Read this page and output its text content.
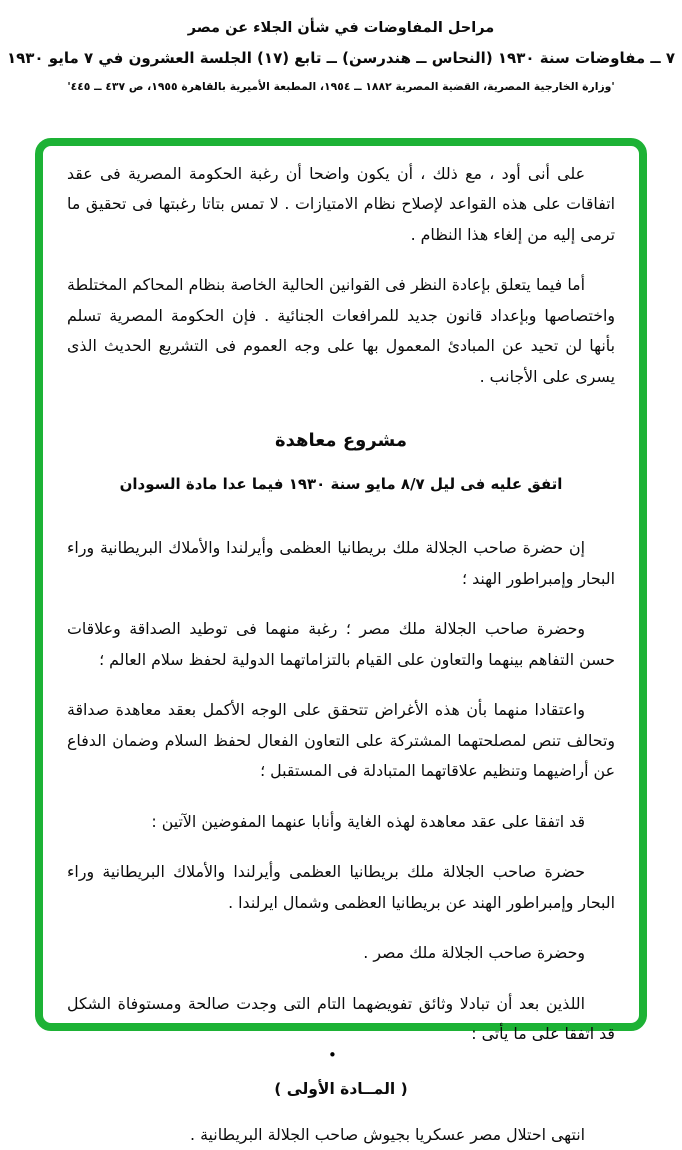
مراحل المفاوضات في شأن الجلاء عن مصر
٧ ــ مفاوضات سنة ١٩٣٠ (النحاس ــ هندرسن) ــ تابع (١٧) الجلسة العشرون في ٧ مايو ١٩٣٠
'وزارة الخارجية المصرية، القضية المصرية ١٨٨٢ ــ ١٩٥٤، المطبعة الأميرية بالقاهرة ١٩٥٥، ص ٤٣٧ ــ ٤٤٥'

على أنى أود ، مع ذلك ، أن يكون واضحا أن رغبة الحكومة المصرية فى عقد اتفاقات على هذه القواعد لإصلاح نظام الامتيازات . لا تمس بتاتا رغبتها فى تحقيق ما ترمى إليه من إلغاء هذا النظام .

أما فيما يتعلق بإعادة النظر فى القوانين الحالية الخاصة بنظام المحاكم المختلطة واختصاصها وبإعداد قانون جديد للمرافعات الجنائية . فإن الحكومة المصرية تسلم بأنها لن تحيد عن المبادئ المعمول بها على وجه العموم فى التشريع الحديث الذى يسرى على الأجانب .

مشروع معاهدة
اتفق عليه فى ليل ٨/٧ مايو سنة ١٩٣٠ فيما عدا مادة السودان

إن حضرة صاحب الجلالة ملك بريطانيا العظمى وأيرلندا والأملاك البريطانية وراء البحار وإمبراطور الهند ؛

وحضرة صاحب الجلالة ملك مصر ؛ رغبة منهما فى توطيد الصداقة وعلاقات حسن التفاهم بينهما والتعاون على القيام بالتزاماتهما الدولية لحفظ سلام العالم ؛

واعتقادا منهما بأن هذه الأغراض تتحقق على الوجه الأكمل بعقد معاهدة صداقة وتحالف تنص لمصلحتهما المشتركة على التعاون الفعال لحفظ السلام وضمان الدفاع عن أراضيهما وتنظيم علاقاتهما المتبادلة فى المستقبل ؛

قد اتفقا على عقد معاهدة لهذه الغاية وأنابا عنهما المفوضين الآتين :

حضرة صاحب الجلالة ملك بريطانيا العظمى وأيرلندا والأملاك البريطانية وراء البحار وإمبراطور الهند عن بريطانيا العظمى وشمال ايرلندا .

وحضرة صاحب الجلالة ملك مصر .

اللذين بعد أن تبادلا وثائق تفويضهما التام التى وجدت صالحة ومستوفاة الشكل قد اتفقا على ما يأتى :

( المــادة الأولى )

انتهى احتلال مصر عسكريا بجيوش صاحب الجلالة البريطانية .

•
